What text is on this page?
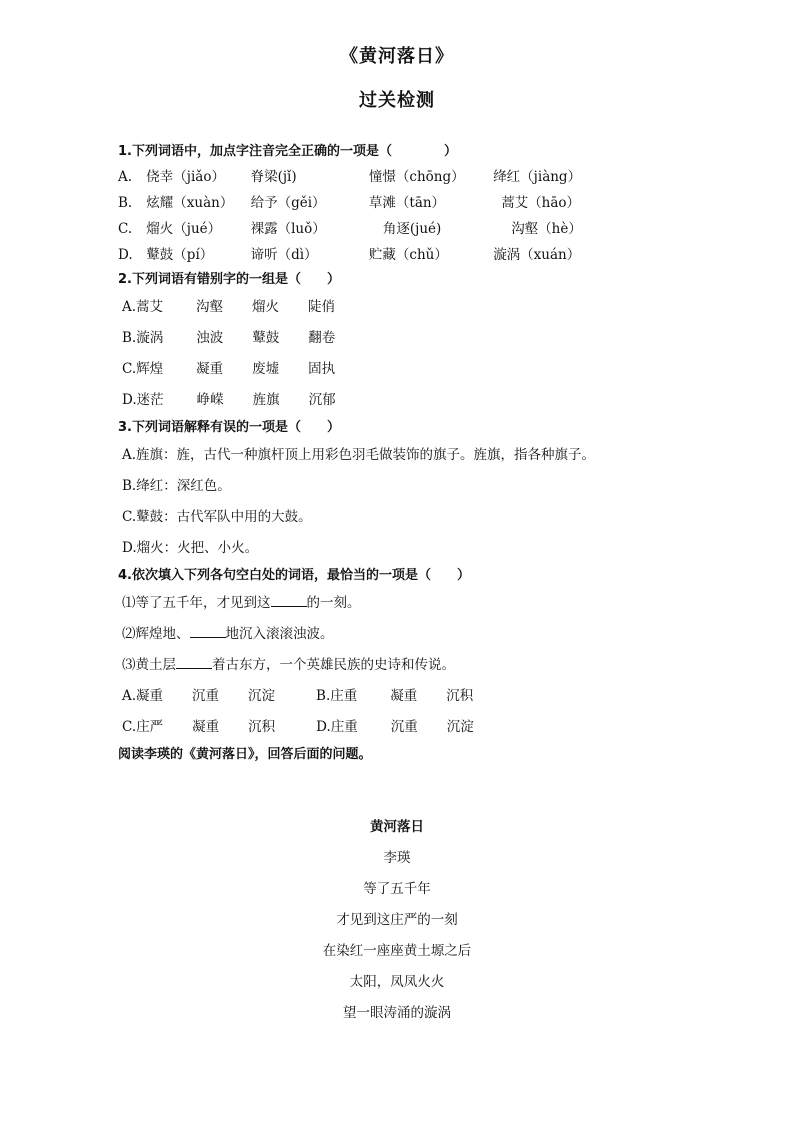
《黄河落日》
过关检测
1.下列词语中，加点字注音完全正确的一项是（　　　　）
A. 侥幸（jiǎo） 脊梁(jǐ)	憧憬（chōng） 绛红（jiàng）
B. 炫耀（xuàn） 给予（gěi）	草滩（tān）	蒿艾（hāo）
C. 熘火（jué） 裸露（luǒ）	角逐(jué)	沟壑（hè）
D. 鼙鼓（pí）	谛听（dì）	贮藏（chǔ）	漩涡（xuán）
2.下列词语有错别字的一组是（　　）
A.蒿艾 沟壑 熘火 陡俏
B.漩涡 浊波 鼙鼓 翻卷
C.辉煌 凝重 废墟 固执
D.迷茫 峥嵘 旌旗 沉郁
3.下列词语解释有误的一项是（　　）
A.旌旗：旌，古代一种旗杆顶上用彩色羽毛做装饰的旗子。旌旗，指各种旗子。
B.绛红：深红色。
C.鼙鼓：古代军队中用的大鼓。
D.熘火：火把、小火。
4.依次填入下列各句空白处的词语，最恰当的一项是（　　）
⑴等了五千年，才见到这	的一刻。
⑵辉煌地、	地沉入滚滚浊波。
⑶黄土层	着古东方，一个英雄民族的史诗和传说。
A.凝重 沉重 沉淀	B.庄重 凝重 沉积
C.庄严 凝重 沉积	D.庄重 沉重 沉淀
阅读李瑛的《黄河落日》，回答后面的问题。
黄河落日
李瑛
等了五千年
才见到这庄严的一刻
在染红一座座黄土塬之后
太阳，凤凤火火
望一眼涛涌的漩涡
